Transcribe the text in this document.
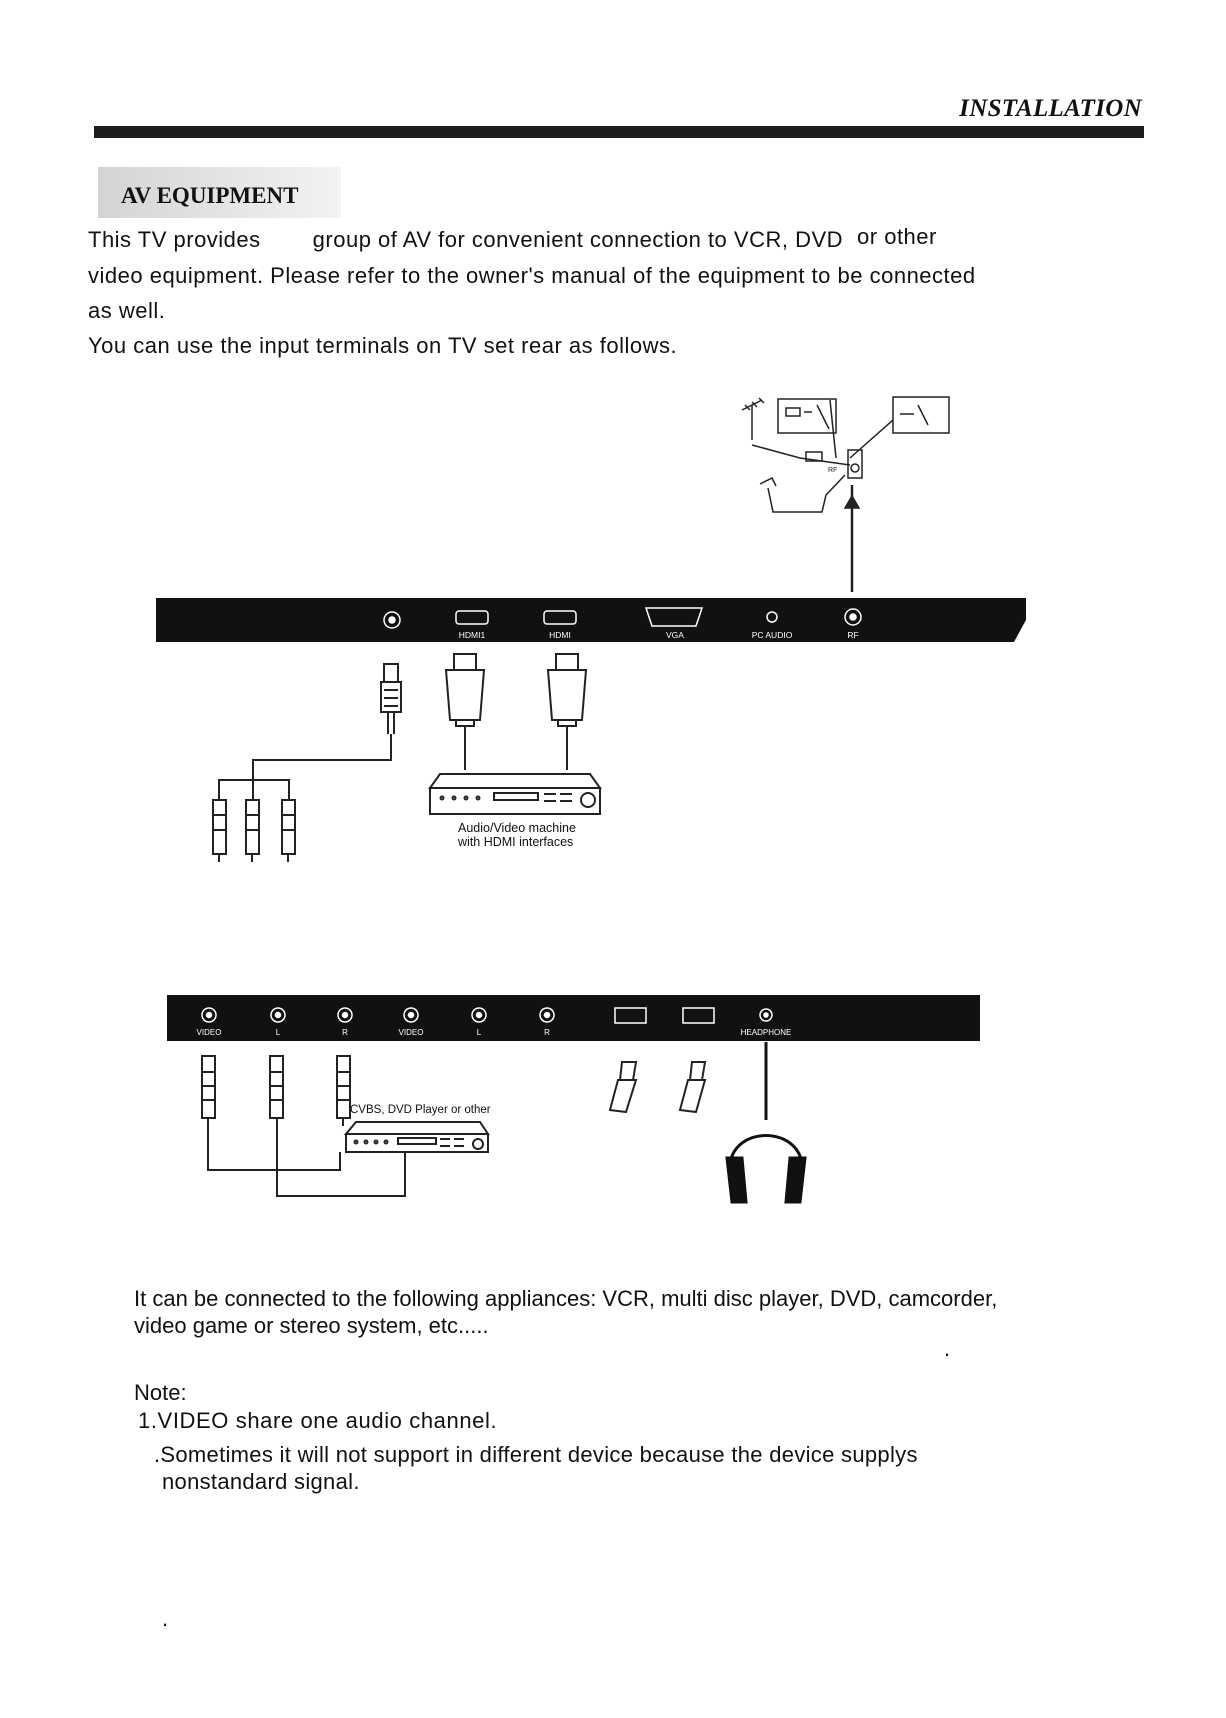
INSTALLATION
AV EQUIPMENT
This TV provides group of AV for convenient connection to VCR, DVD or other
video equipment. Please refer to the owner's manual of the equipment to be connected
as well.
You can use the input terminals on TV set rear as follows.
RF
HDMI1	HDMI	VGA	PC AUDIO	RF
Audio/Video machine
with HDMI interfaces
VIDEO	L	R	VIDEO	L	R	HEADPHONE
CVBS, DVD Player or other
It can be connected to the following appliances: VCR, multi disc player, DVD, camcorder,
video game or stereo system, etc.....
.
Note:
1.VIDEO share one audio channel.
.Sometimes it will not support in different device because the device supplys
nonstandard signal.
.
